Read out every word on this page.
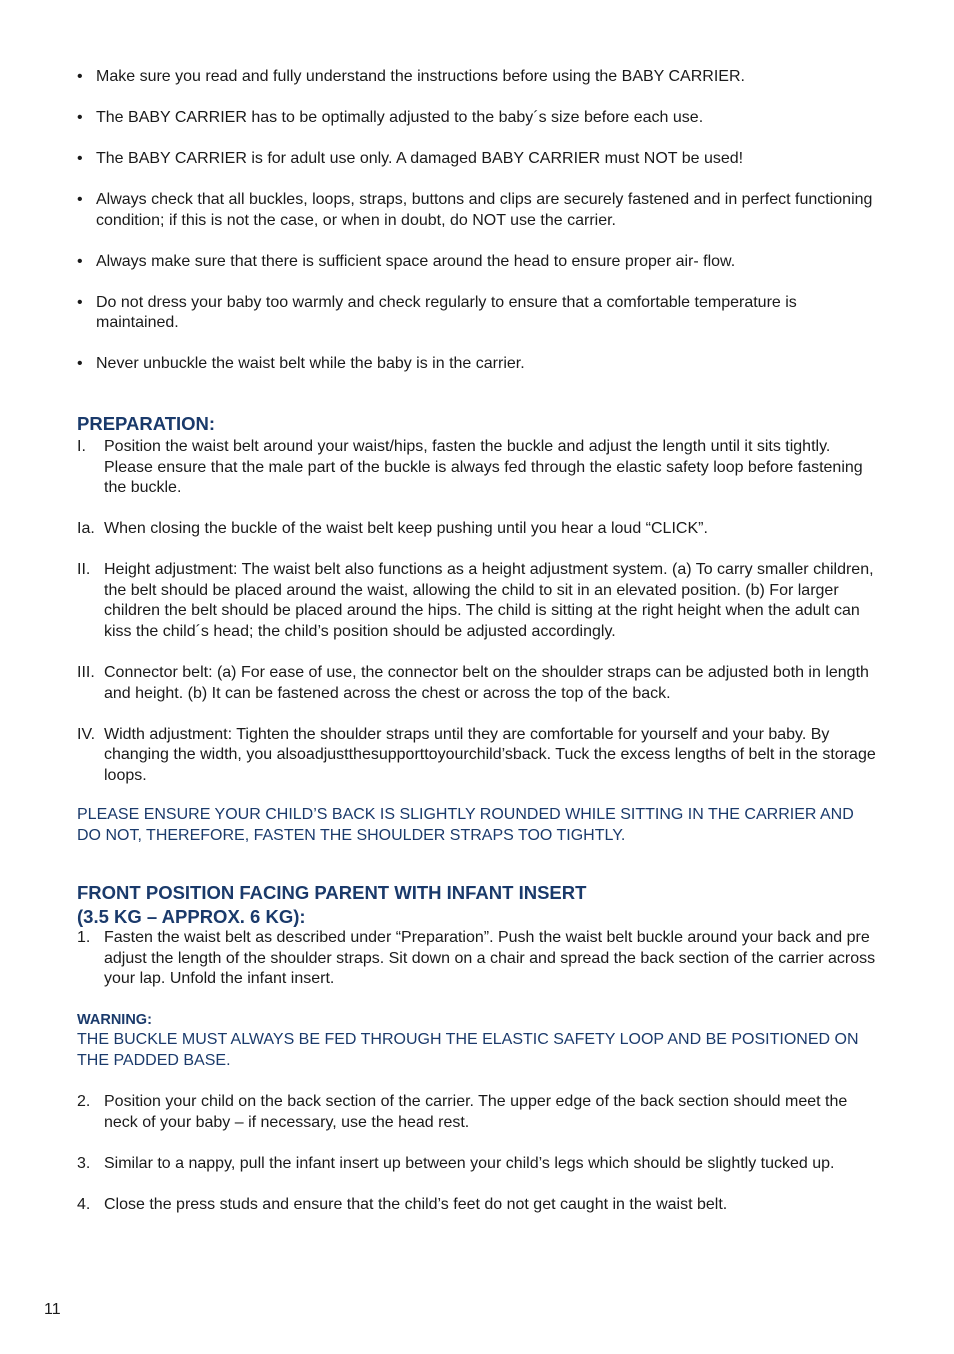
• Make sure you read and fully understand the instructions before using the BABY CARRIER.
• The BABY CARRIER has to be optimally adjusted to the baby´s size before each use.
• The BABY CARRIER is for adult use only. A damaged BABY CARRIER must NOT be used!
• Always check that all buckles, loops, straps, buttons and clips are securely fastened and in perfect functioning condition; if this is not the case, or when in doubt, do NOT use the carrier.
• Always make sure that there is sufficient space around the head to ensure proper air- flow.
• Do not dress your baby too warmly and check regularly to ensure that a comfortable temperature is maintained.
• Never unbuckle the waist belt while the baby is in the carrier.
PREPARATION:
I. Position the waist belt around your waist/hips, fasten the buckle and adjust the length until it sits tightly. Please ensure that the male part of the buckle is always fed through the elastic safety loop before fastening the buckle.
Ia. When closing the buckle of the waist belt keep pushing until you hear a loud “CLICK”.
II. Height adjustment: The waist belt also functions as a height adjustment system. (a) To carry smaller children, the belt should be placed around the waist, allowing the child to sit in an elevated position. (b) For larger children the belt should be placed around the hips. The child is sitting at the right height when the adult can kiss the child´s head; the child’s position should be adjusted accordingly.
III. Connector belt: (a) For ease of use, the connector belt on the shoulder straps can be adjusted both in length and height. (b) It can be fastened across the chest or across the top of the back.
IV. Width adjustment: Tighten the shoulder straps until they are comfortable for yourself and your baby. By changing the width, you alsoadjustthesupporttoyourchild’sback. Tuck the excess lengths of belt in the storage loops.

PLEASE ENSURE YOUR CHILD’S BACK IS SLIGHTLY ROUNDED WHILE SITTING IN THE CARRIER AND DO NOT, THEREFORE, FASTEN THE SHOULDER STRAPS TOO TIGHTLY.

FRONT POSITION FACING PARENT WITH INFANT INSERT
(3.5 KG – APPROX. 6 KG):
1. Fasten the waist belt as described under “Preparation”. Push the waist belt buckle around your back and pre adjust the length of the shoulder straps. Sit down on a chair and spread the back section of the carrier across your lap. Unfold the infant insert.

WARNING:

THE BUCKLE MUST ALWAYS BE FED THROUGH THE ELASTIC SAFETY LOOP AND BE POSITIONED ON THE PADDED BASE.

2. Position your child on the back section of the carrier. The upper edge of the back section should meet the neck of your baby – if necessary, use the head rest.
3. Similar to a nappy, pull the infant insert up between your child’s legs which should be slightly tucked up.
4. Close the press studs and ensure that the child’s feet do not get caught in the waist belt.
11
